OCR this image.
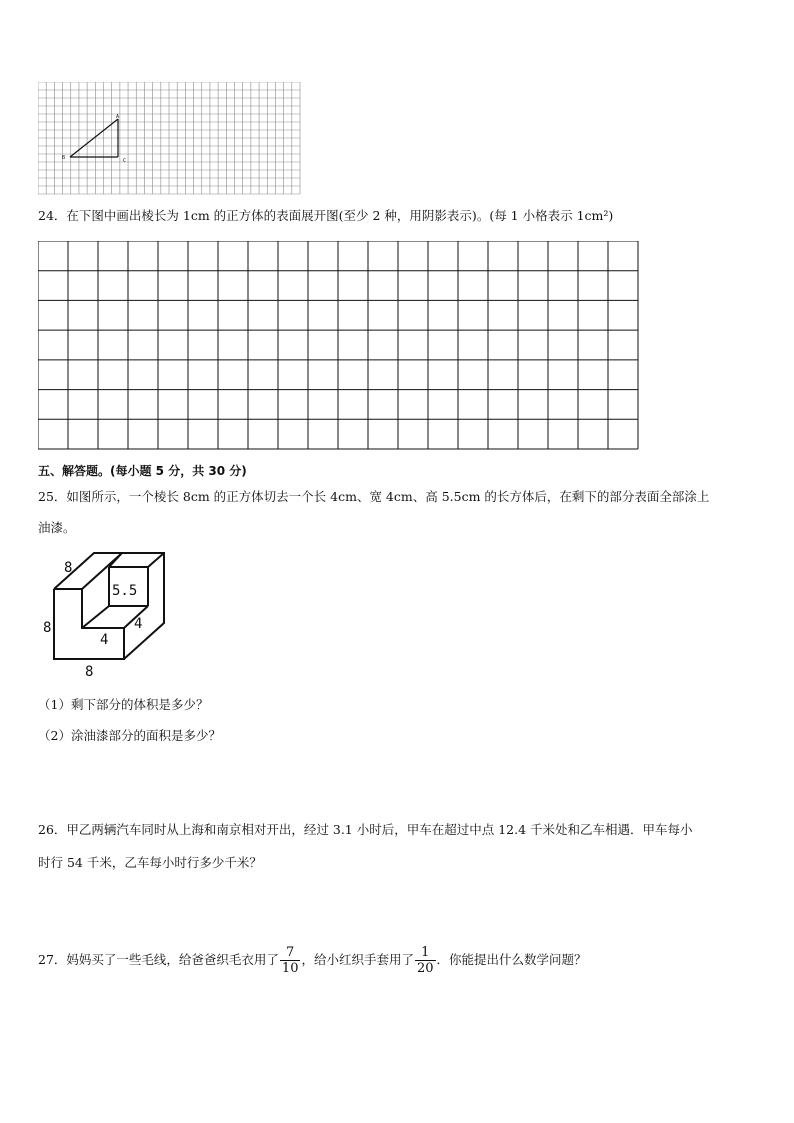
A
B	C
24．在下图中画出棱长为 1cm 的正方体的表面展开图(至少 2 种，用阴影表示)。(每 1 小格表示 1cm²)
五、解答题。(每小题 5 分，共 30 分)
25．如图所示，一个棱长 8cm 的正方体切去一个长 4cm、宽 4cm、高 5.5cm 的长方体后，在剩下的部分表面全部涂上
油漆。
8
8
8
5.5
4
4
（1）剩下部分的体积是多少？
（2）涂油漆部分的面积是多少？
26．甲乙两辆汽车同时从上海和南京相对开出，经过 3.1 小时后，甲车在超过中点 12.4 千米处和乙车相遇．甲车每小
时行 54 千米，乙车每小时行多少千米？
27．妈妈买了一些毛线，给爸爸织毛衣用了 $\frac{7}{10}$ ，给小红织手套用了 $\frac{1}{20}$ ．你能提出什么数学问题？
